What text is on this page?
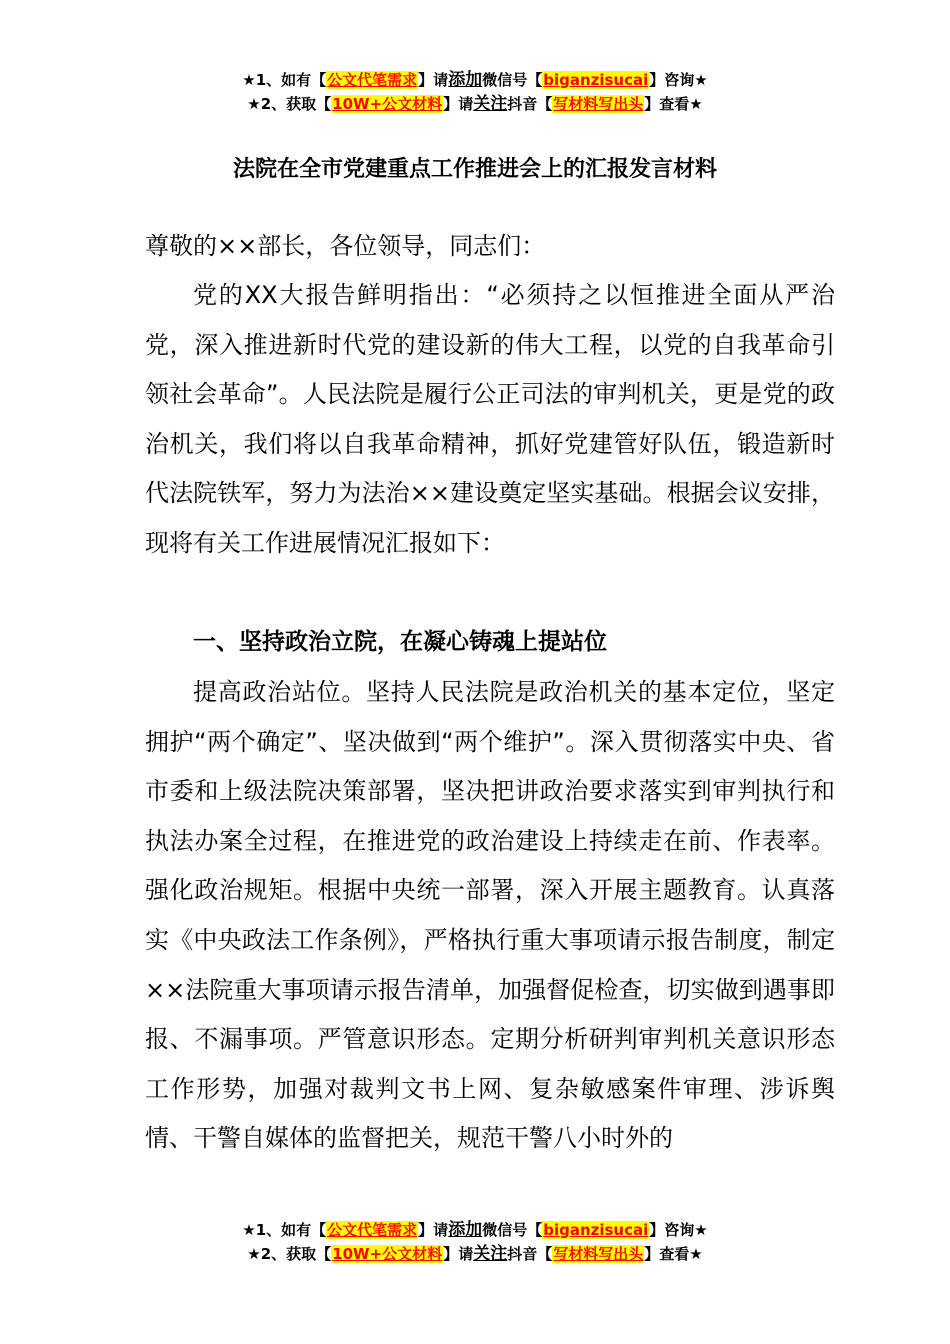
★1、如有【公文代笔需求】请添加微信号【biganzisucai】咨询★
★2、获取【10W+公文材料】请关注抖音【写材料写出头】查看★
法院在全市党建重点工作推进会上的汇报发言材料
尊敬的××部长，各位领导，同志们：

党的XX大报告鲜明指出：“必须持之以恒推进全面从严治党，深入推进新时代党的建设新的伟大工程，以党的自我革命引领社会革命”。人民法院是履行公正司法的审判机关，更是党的政治机关，我们将以自我革命精神，抓好党建管好队伍，锻造新时代法院铁军，努力为法治××建设奠定坚实基础。根据会议安排，现将有关工作进展情况汇报如下：

一、坚持政治立院，在凝心铸魂上提站位

提高政治站位。坚持人民法院是政治机关的基本定位，坚定拥护“两个确定”、坚决做到“两个维护”。深入贯彻落实中央、省市委和上级法院决策部署，坚决把讲政治要求落实到审判执行和执法办案全过程，在推进党的政治建设上持续走在前、作表率。强化政治规矩。根据中央统一部署，深入开展主题教育。认真落实《中央政法工作条例》，严格执行重大事项请示报告制度，制定××法院重大事项请示报告清单，加强督促检查，切实做到遇事即报、不漏事项。严管意识形态。定期分析研判审判机关意识形态工作形势，加强对裁判文书上网、复杂敏感案件审理、涉诉舆情、干警自媒体的监督把关，规范干警八小时外的

★1、如有【公文代笔需求】请添加微信号【biganzisucai】咨询★
★2、获取【10W+公文材料】请关注抖音【写材料写出头】查看★
